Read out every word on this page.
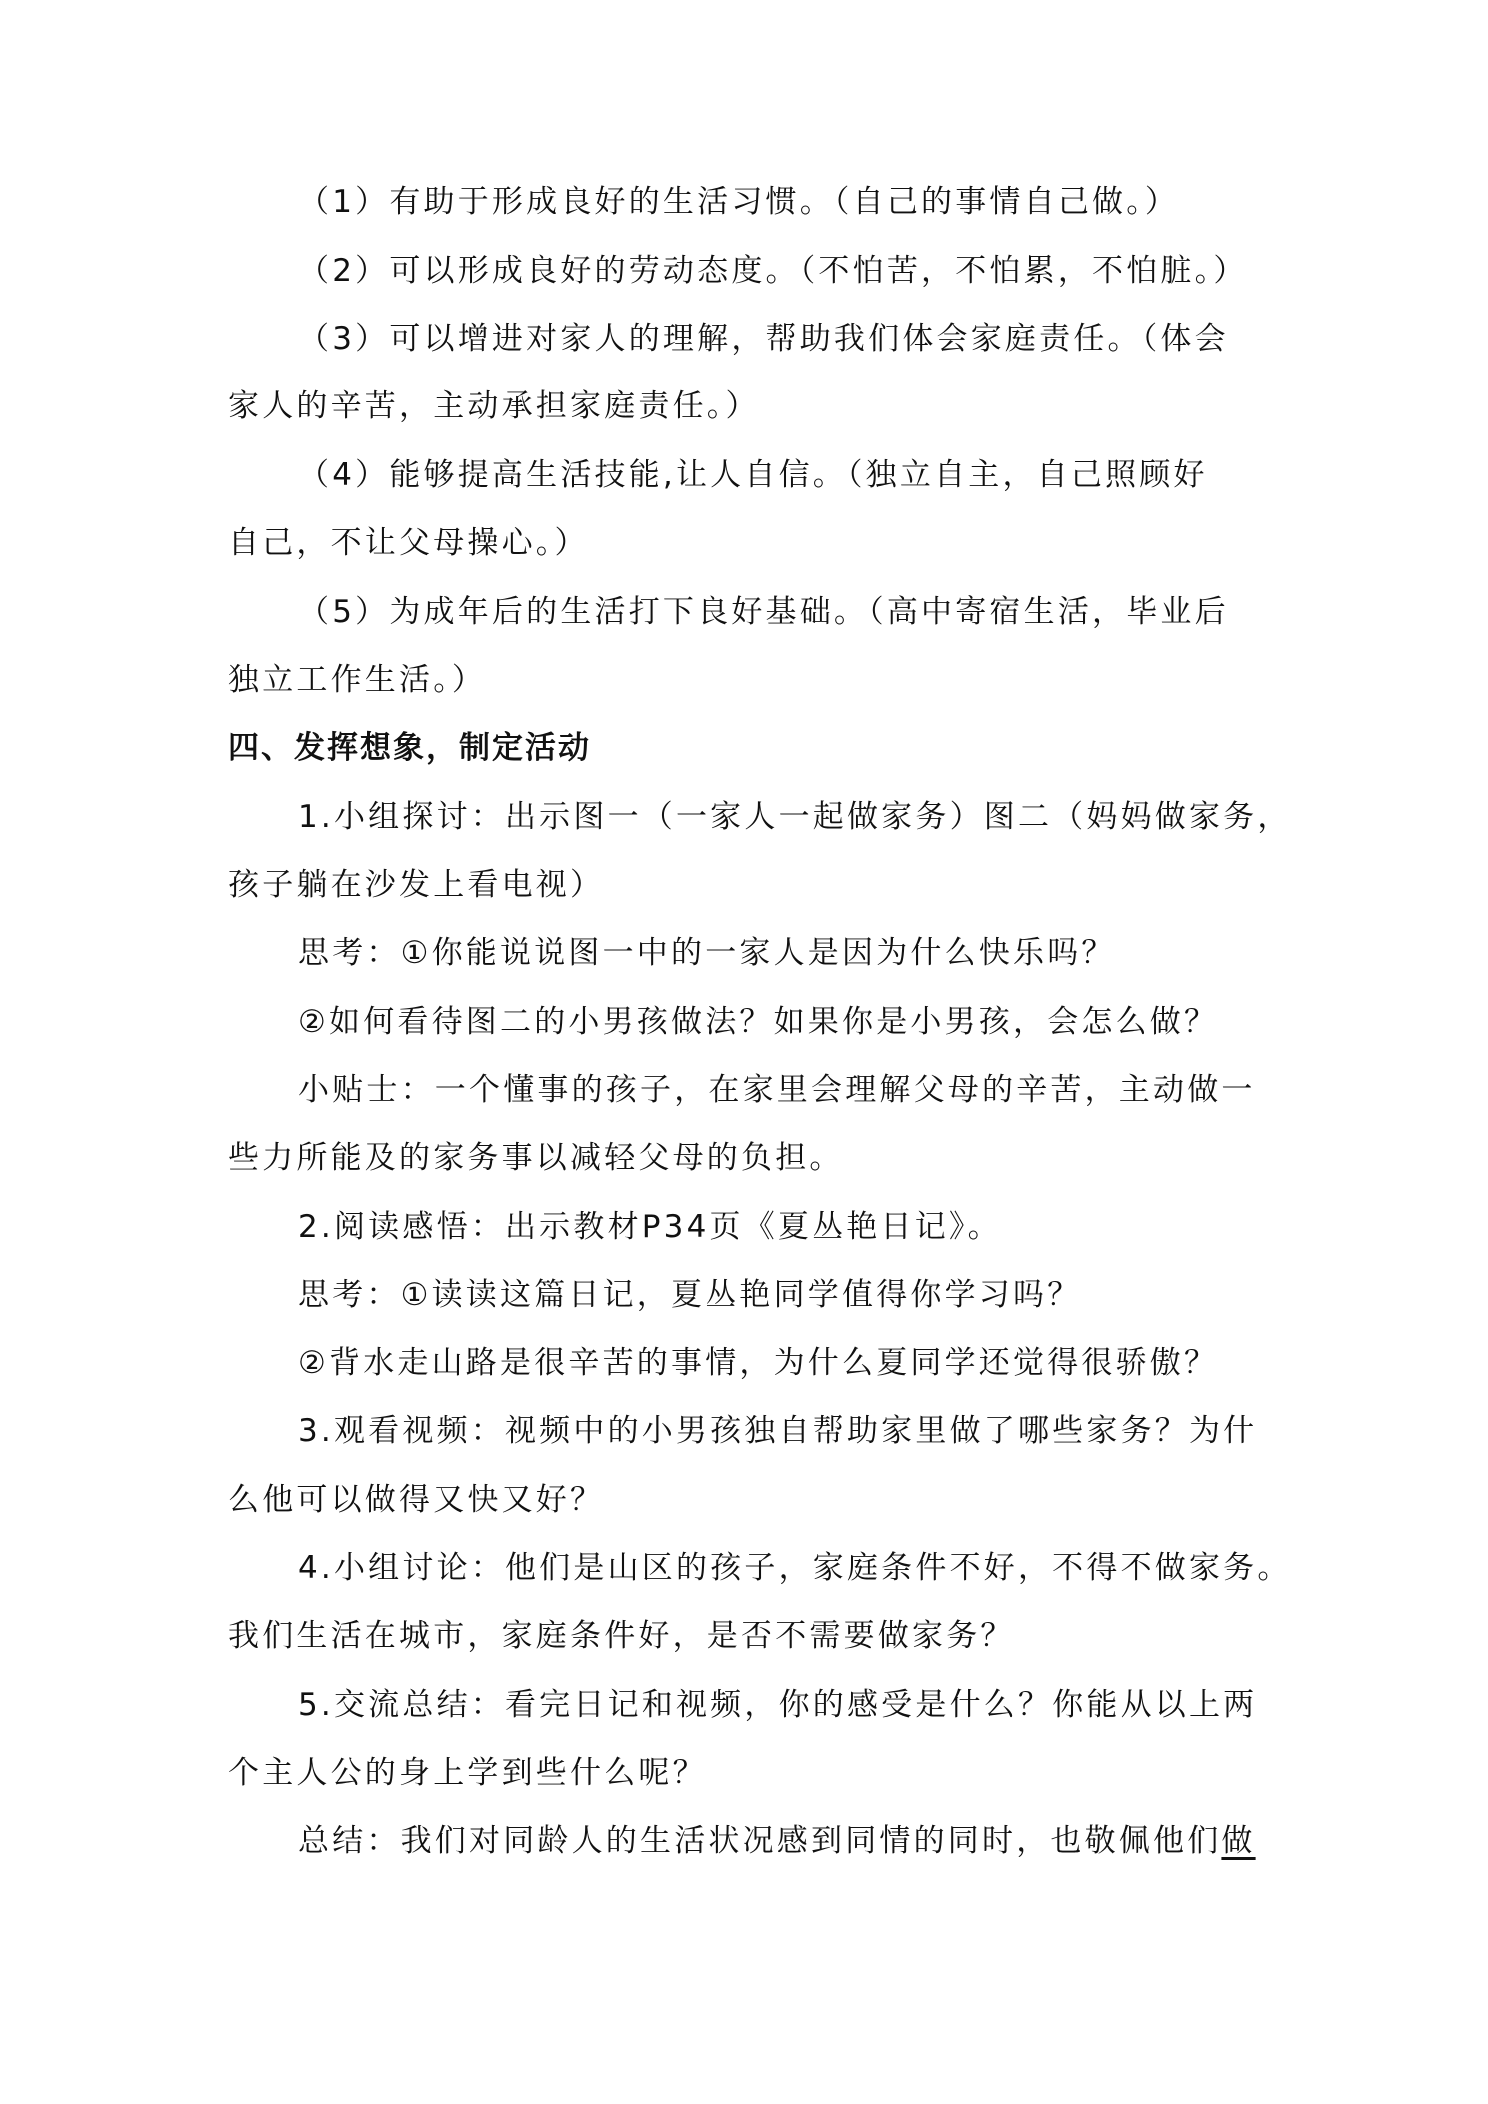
（1）有助于形成良好的生活习惯。（自己的事情自己做。）
（2）可以形成良好的劳动态度。（不怕苦，不怕累，不怕脏。）
（3）可以增进对家人的理解，帮助我们体会家庭责任。（体会
家人的辛苦，主动承担家庭责任。）
（4）能够提高生活技能,让人自信。（独立自主，自己照顾好
自己，不让父母操心。）
（5）为成年后的生活打下良好基础。（高中寄宿生活，毕业后
独立工作生活。）
四、发挥想象，制定活动
1.小组探讨：出示图一（一家人一起做家务）图二（妈妈做家务，
孩子躺在沙发上看电视）
思考：①你能说说图一中的一家人是因为什么快乐吗？
②如何看待图二的小男孩做法？如果你是小男孩，会怎么做？
小贴士：一个懂事的孩子，在家里会理解父母的辛苦，主动做一
些力所能及的家务事以减轻父母的负担。
2.阅读感悟：出示教材P34页《夏丛艳日记》。
思考：①读读这篇日记，夏丛艳同学值得你学习吗？
②背水走山路是很辛苦的事情，为什么夏同学还觉得很骄傲？
3.观看视频：视频中的小男孩独自帮助家里做了哪些家务？为什
么他可以做得又快又好？
4.小组讨论：他们是山区的孩子，家庭条件不好，不得不做家务。
我们生活在城市，家庭条件好，是否不需要做家务？
5.交流总结：看完日记和视频，你的感受是什么？你能从以上两
个主人公的身上学到些什么呢？
总结：我们对同龄人的生活状况感到同情的同时，也敬佩他们做
